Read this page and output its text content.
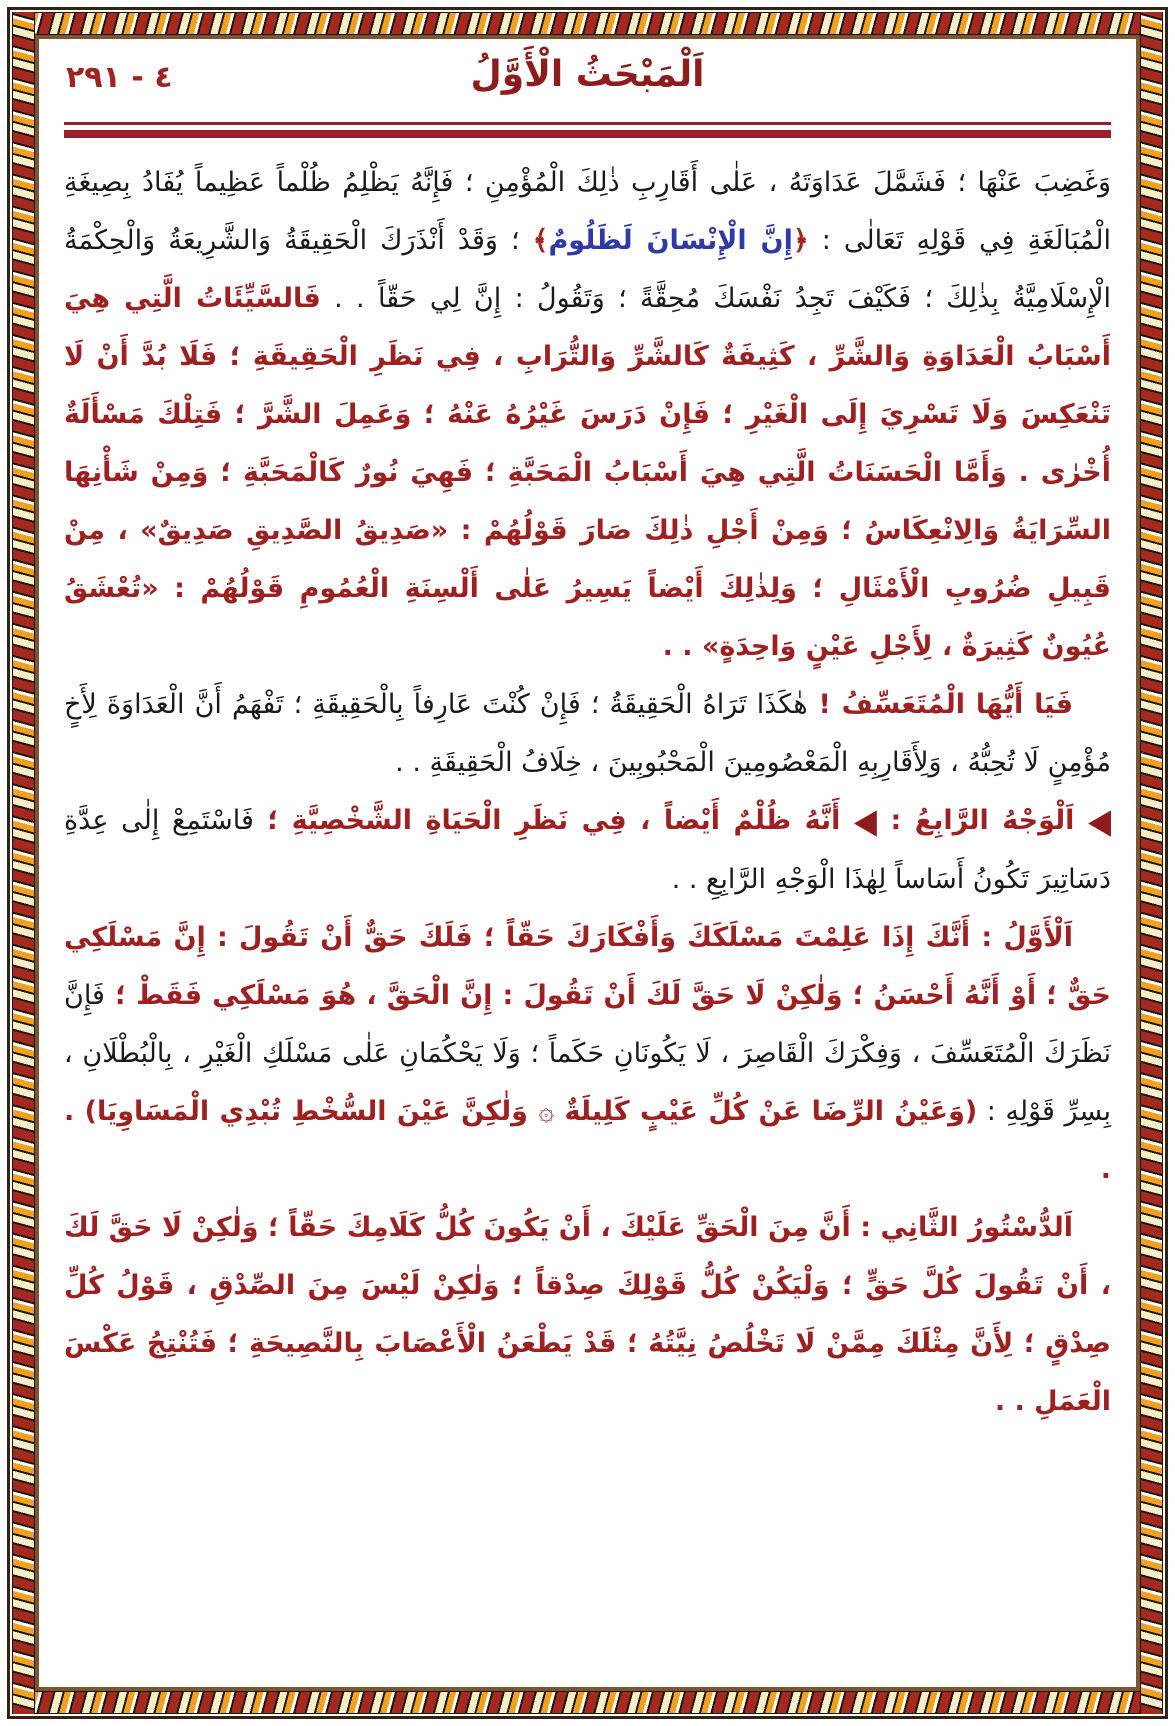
٤ - ٢٩١	اَلْمَبْحَثُ الْأَوَّلُ

وَغَضِبَ عَنْهَا ؛ فَشَمَّلَ عَدَاوَتَهُ ، عَلٰى أَقَارِبِ ذٰلِكَ الْمُؤْمِنِ ؛ فَإِنَّهُ يَظْلِمُ ظُلْماً عَظِيماً يُفَادُ بِصِيغَةِ الْمُبَالَغَةِ فِي قَوْلِهِ تَعَالٰى : ﴿إِنَّ الْإِنْسَانَ لَظَلُومٌ﴾ ؛ وَقَدْ أَنْذَرَكَ الْحَقِيقَةُ وَالشَّرِيعَةُ وَالْحِكْمَةُ الْإِسْلَامِيَّةُ بِذٰلِكَ ؛ فَكَيْفَ تَجِدُ نَفْسَكَ مُحِقَّةً ؛ وَتَقُولُ : إِنَّ لِي حَقّاً . . فَالسَّيِّئَاتُ الَّتِي هِيَ أَسْبَابُ الْعَدَاوَةِ وَالشَّرِّ ، كَثِيفَةٌ كَالشَّرِّ وَالتُّرَابِ ، فِي نَظَرِ الْحَقِيقَةِ ؛ فَلَا بُدَّ أَنْ لَا تَنْعَكِسَ وَلَا تَسْرِيَ إِلَى الْغَيْرِ ؛ فَإِنْ دَرَسَ غَيْرُهُ عَنْهُ ؛ وَعَمِلَ الشَّرَّ ؛ فَتِلْكَ مَسْأَلَةٌ أُخْرٰى . وَأَمَّا الْحَسَنَاتُ الَّتِي هِيَ أَسْبَابُ الْمَحَبَّةِ ؛ فَهِيَ نُورٌ كَالْمَحَبَّةِ ؛ وَمِنْ شَأْنِهَا السِّرَايَةُ وَالِانْعِكَاسُ ؛ وَمِنْ أَجْلِ ذٰلِكَ صَارَ قَوْلُهُمْ : «صَدِيقُ الصَّدِيقِ صَدِيقٌ» ، مِنْ قَبِيلِ ضُرُوبِ الْأَمْثَالِ ؛ وَلِذٰلِكَ أَيْضاً يَسِيرُ عَلٰى أَلْسِنَةِ الْعُمُومِ قَوْلُهُمْ : «تُعْشَقُ عُيُونٌ كَثِيرَةٌ ، لِأَجْلِ عَيْنٍ وَاحِدَةٍ» . .

فَيَا أَيُّهَا الْمُتَعَسِّفُ ! هٰكَذَا تَرَاهُ الْحَقِيقَةُ ؛ فَإِنْ كُنْتَ عَارِفاً بِالْحَقِيقَةِ ؛ تَفْهَمُ أَنَّ الْعَدَاوَةَ لِأَخٍ مُؤْمِنٍ لَا تُحِبُّهُ ، وَلِأَقَارِبِهِ الْمَعْصُومِينَ الْمَحْبُوبِينَ ، خِلَافُ الْحَقِيقَةِ . .

◀ اَلْوَجْهُ الرَّابِعُ : ◀ أَنَّهُ ظُلْمٌ أَيْضاً ، فِي نَظَرِ الْحَيَاةِ الشَّخْصِيَّةِ ؛ فَاسْتَمِعْ إِلٰى عِدَّةِ دَسَاتِيرَ تَكُونُ أَسَاساً لِهٰذَا الْوَجْهِ الرَّابِعِ . .

اَلْأَوَّلُ : أَنَّكَ إِذَا عَلِمْتَ مَسْلَكَكَ وَأَفْكَارَكَ حَقّاً ؛ فَلَكَ حَقٌّ أَنْ تَقُولَ : إِنَّ مَسْلَكِي حَقٌّ ؛ أَوْ أَنَّهُ أَحْسَنُ ؛ وَلٰكِنْ لَا حَقَّ لَكَ أَنْ تَقُولَ : إِنَّ الْحَقَّ ، هُوَ مَسْلَكِي فَقَطْ ؛ فَإِنَّ نَظَرَكَ الْمُتَعَسِّفَ ، وَفِكْرَكَ الْقَاصِرَ ، لَا يَكُونَانِ حَكَماً ؛ وَلَا يَحْكُمَانِ عَلٰى مَسْلَكِ الْغَيْرِ ، بِالْبُطْلَانِ ، بِسِرِّ قَوْلِهِ : (وَعَيْنُ الرِّضَا عَنْ كُلِّ عَيْبٍ كَلِيلَةٌ ۞ وَلٰكِنَّ عَيْنَ السُّخْطِ تُبْدِي الْمَسَاوِيَا) . .

اَلدُّسْتُورُ الثَّانِي : أَنَّ مِنَ الْحَقِّ عَلَيْكَ ، أَنْ يَكُونَ كُلُّ كَلَامِكَ حَقّاً ؛ وَلٰكِنْ لَا حَقَّ لَكَ ، أَنْ تَقُولَ كُلَّ حَقٍّ ؛ وَلْيَكُنْ كُلُّ قَوْلِكَ صِدْقاً ؛ وَلٰكِنْ لَيْسَ مِنَ الصِّدْقِ ، قَوْلُ كُلِّ صِدْقٍ ؛ لِأَنَّ مِثْلَكَ مِمَّنْ لَا تَخْلُصُ نِيَّتُهُ ؛ قَدْ يَطْعَنُ الْأَعْصَابَ بِالنَّصِيحَةِ ؛ فَتُنْتِجُ عَكْسَ الْعَمَلِ . .
